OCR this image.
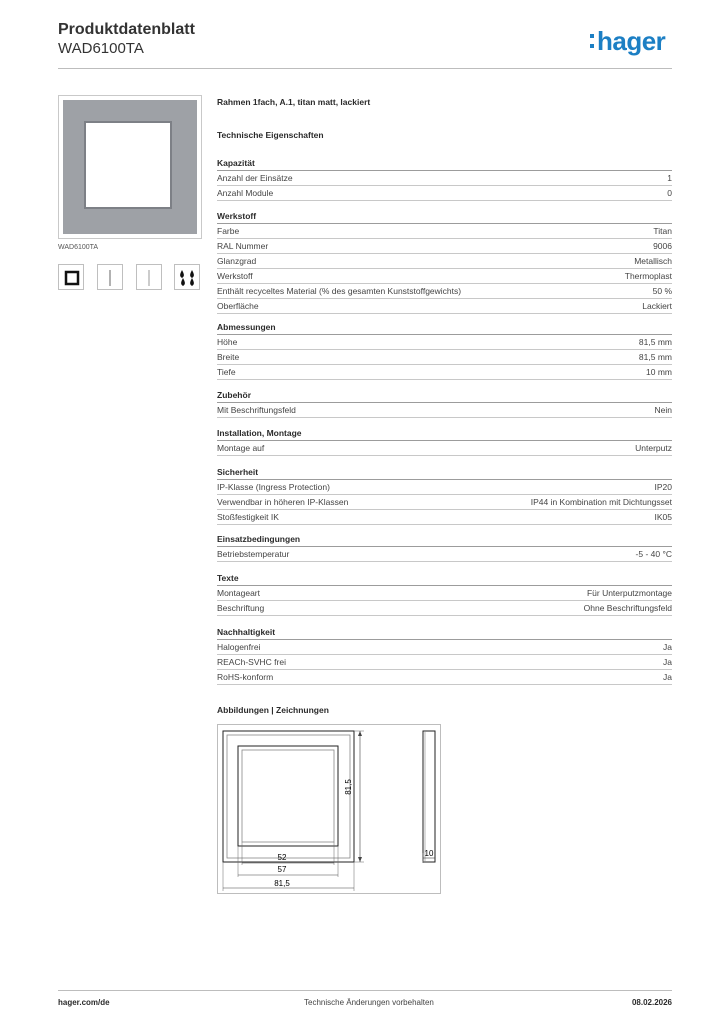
Produktdatenblatt
WAD6100TA	hager
WAD6100TA
Rahmen 1fach, A.1, titan matt, lackiert
Technische Eigenschaften
Kapazität
Anzahl der Einsätze	1
Anzahl Module	0
Werkstoff
Farbe	Titan
RAL Nummer	9006
Glanzgrad	Metallisch
Werkstoff	Thermoplast
Enthält recyceltes Material (% des gesamten Kunststoffgewichts)	50 %
Oberfläche	Lackiert
Abmessungen
Höhe	81,5 mm
Breite	81,5 mm
Tiefe	10 mm
Zubehör
Mit Beschriftungsfeld	Nein
Installation, Montage
Montage auf	Unterputz
Sicherheit
IP-Klasse (Ingress Protection)	IP20
Verwendbar in höheren IP-Klassen	IP44 in Kombination mit Dichtungsset
Stoßfestigkeit IK	IK05
Einsatzbedingungen
Betriebstemperatur	-5 - 40 °C
Texte
Montageart	Für Unterputzmontage
Beschriftung	Ohne Beschriftungsfeld
Nachhaltigkeit
Halogenfrei	Ja
REACh-SVHC frei	Ja
RoHS-konform	Ja
Abbildungen | Zeichnungen
81,5
52
57
81,5
10
hager.com/de	Technische Änderungen vorbehalten	08.02.2026
